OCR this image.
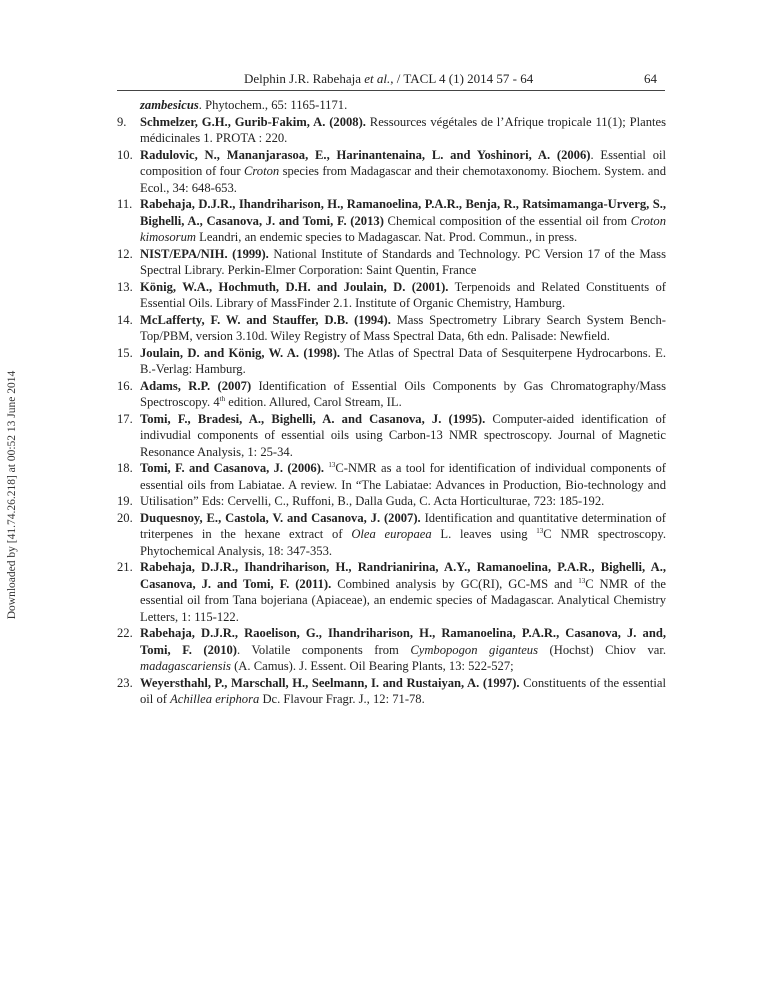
Downloaded by [41.74.26.218] at 00:52 13 June 2014
Delphin J.R. Rabehaja et al., / TACL 4 (1) 2014 57 - 64	64
zambesicus. Phytochem., 65: 1165-1171.
9. Schmelzer, G.H., Gurib-Fakim, A. (2008). Ressources végétales de l’Afrique tropicale 11(1); Plantes médicinales 1. PROTA : 220.
10. Radulovic, N., Mananjarasoa, E., Harinantenaina, L. and Yoshinori, A. (2006). Essential oil composition of four Croton species from Madagascar and their chemotaxonomy. Biochem. System. and Ecol., 34: 648-653.
11. Rabehaja, D.J.R., Ihandriharison, H., Ramanoelina, P.A.R., Benja, R., Ratsimamanga-Urverg, S., Bighelli, A., Casanova, J. and Tomi, F. (2013) Chemical composition of the essential oil from Croton kimosorum Leandri, an endemic species to Madagascar. Nat. Prod. Commun., in press.
12. NIST/EPA/NIH. (1999). National Institute of Standards and Technology. PC Version 17 of the Mass Spectral Library. Perkin-Elmer Corporation: Saint Quentin, France
13. König, W.A., Hochmuth, D.H. and Joulain, D. (2001). Terpenoids and Related Constituents of Essential Oils. Library of MassFinder 2.1. Institute of Organic Chemistry, Hamburg.
14. McLafferty, F. W. and Stauffer, D.B. (1994). Mass Spectrometry Library Search System Bench-Top/PBM, version 3.10d. Wiley Registry of Mass Spectral Data, 6th edn. Palisade: Newfield.
15. Joulain, D. and König, W. A. (1998). The Atlas of Spectral Data of Sesquiterpene Hydrocarbons. E. B.-Verlag: Hamburg.
16. Adams, R.P. (2007) Identification of Essential Oils Components by Gas Chromatography/Mass Spectroscopy. 4th edition. Allured, Carol Stream, IL.
17. Tomi, F., Bradesi, A., Bighelli, A. and Casanova, J. (1995). Computer-aided identification of indivudial components of essential oils using Carbon-13 NMR spectroscopy. Journal of Magnetic Resonance Analysis, 1: 25-34.
18.
19.
Tomi, F. and Casanova, J. (2006). $^{13}$C-NMR as a tool for identification of individual components of essential oils from Labiatae. A review. In “The Labiatae: Advances in Production, Bio-technology and Utilisation” Eds: Cervelli, C., Ruffoni, B., Dalla Guda, C. Acta Horticulturae, 723: 185-192.
20. Duquesnoy, E., Castola, V. and Casanova, J. (2007). Identification and quantitative determination of triterpenes in the hexane extract of Olea europaea L. leaves using $^{13}$C NMR spectroscopy. Phytochemical Analysis, 18: 347-353.
21. Rabehaja, D.J.R., Ihandriharison, H., Randrianirina, A.Y., Ramanoelina, P.A.R., Bighelli, A., Casanova, J. and Tomi, F. (2011). Combined analysis by GC(RI), GC-MS and $^{13}$C NMR of the essential oil from Tana bojeriana (Apiaceae), an endemic species of Madagascar. Analytical Chemistry Letters, 1: 115-122.
22. Rabehaja, D.J.R., Raoelison, G., Ihandriharison, H., Ramanoelina, P.A.R., Casanova, J. and, Tomi, F. (2010). Volatile components from Cymbopogon giganteus (Hochst) Chiov var. madagascariensis (A. Camus). J. Essent. Oil Bearing Plants, 13: 522-527;
23. Weyersthahl, P., Marschall, H., Seelmann, I. and Rustaiyan, A. (1997). Constituents of the essential oil of Achillea eriphora Dc. Flavour Fragr. J., 12: 71-78.
